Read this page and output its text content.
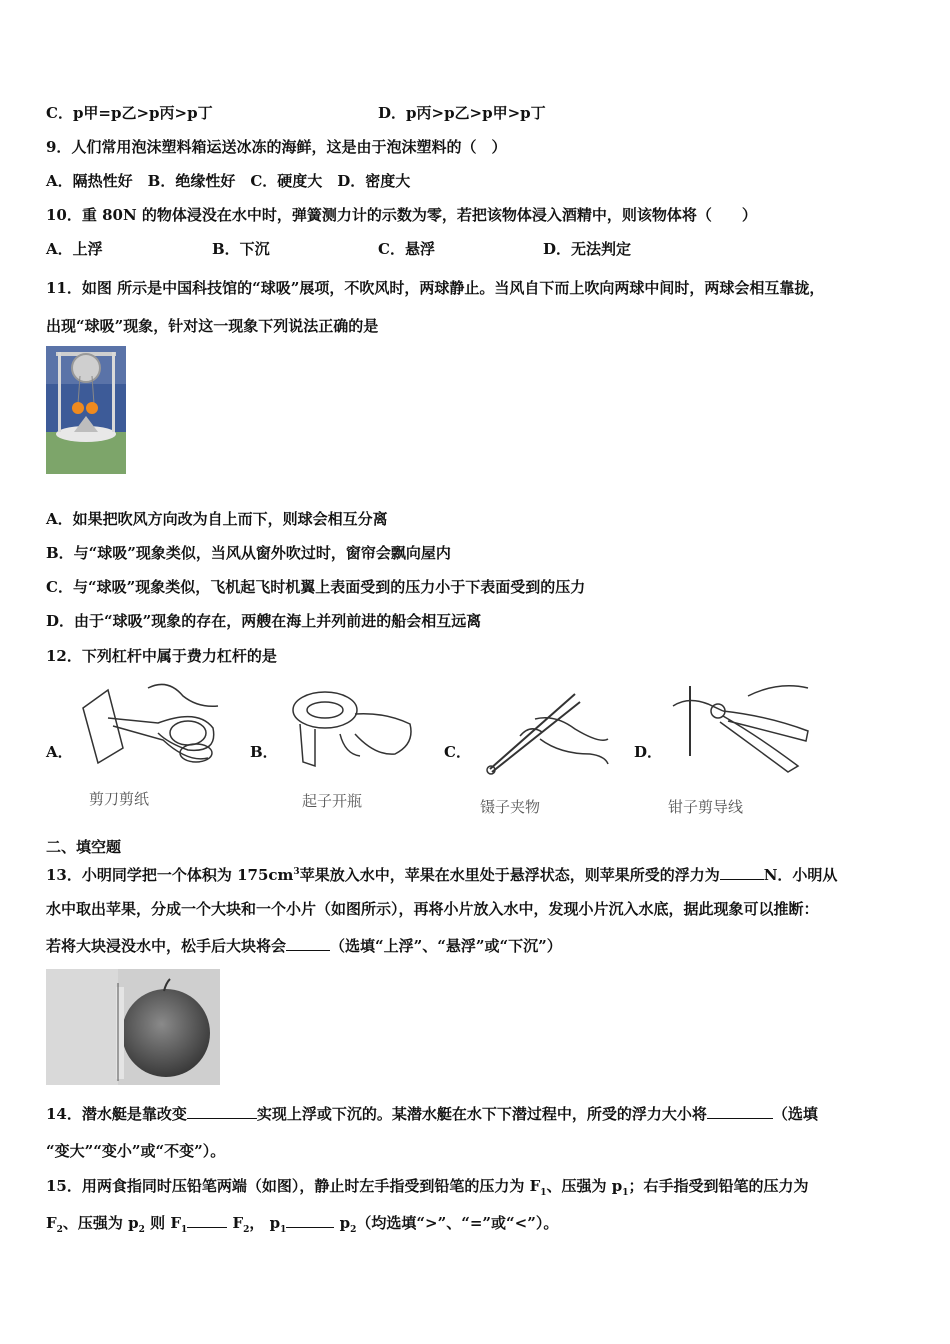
C．p甲=p乙>p丙>p丁	D．p丙>p乙>p甲>p丁
9．人们常用泡沫塑料箱运送冰冻的海鲜，这是由于泡沫塑料的（　）
A．隔热性好　B．绝缘性好　C．硬度大　D．密度大
10．重 80N 的物体浸没在水中时，弹簧测力计的示数为零，若把该物体浸入酒精中，则该物体将（　　）
A．上浮	B．下沉	C．悬浮	D．无法判定
11．如图 所示是中国科技馆的“球吸”展项，不吹风时，两球静止。当风自下而上吹向两球中间时，两球会相互靠拢，
出现“球吸”现象，针对这一现象下列说法正确的是
A．如果把吹风方向改为自上而下，则球会相互分离
B．与“球吸”现象类似，当风从窗外吹过时，窗帘会飘向屋内
C．与“球吸”现象类似，飞机起飞时机翼上表面受到的压力小于下表面受到的压力
D．由于“球吸”现象的存在，两艘在海上并列前进的船会相互远离
12．下列杠杆中属于费力杠杆的是
A．	B．	C．	D．
剪刀剪纸	起子开瓶	镊子夹物	钳子剪导线
二、填空题
13．小明同学把一个体积为 $175cm^3$苹果放入水中，苹果在水里处于悬浮状态，则苹果所受的浮力为	N．小明从
水中取出苹果，分成一个大块和一个小片（如图所示），再将小片放入水中，发现小片沉入水底，据此现象可以推断：
若将大块浸没水中，松手后大块将会	（选填“上浮”、“悬浮”或“下沉”）
14．潜水艇是靠改变	实现上浮或下沉的。某潜水艇在水下下潜过程中，所受的浮力大小将	（选填
“变大”“变小”或“不变”）。
15．用两食指同时压铅笔两端（如图），静止时左手指受到铅笔的压力为 $F_1$、压强为 $p_1$；右手指受到铅笔的压力为
$F_2$、压强为 $p_2$ 则 $F_1$	$F_2$， $p_1$	$p_2$（均选填“>”、“=”或“<”）。
